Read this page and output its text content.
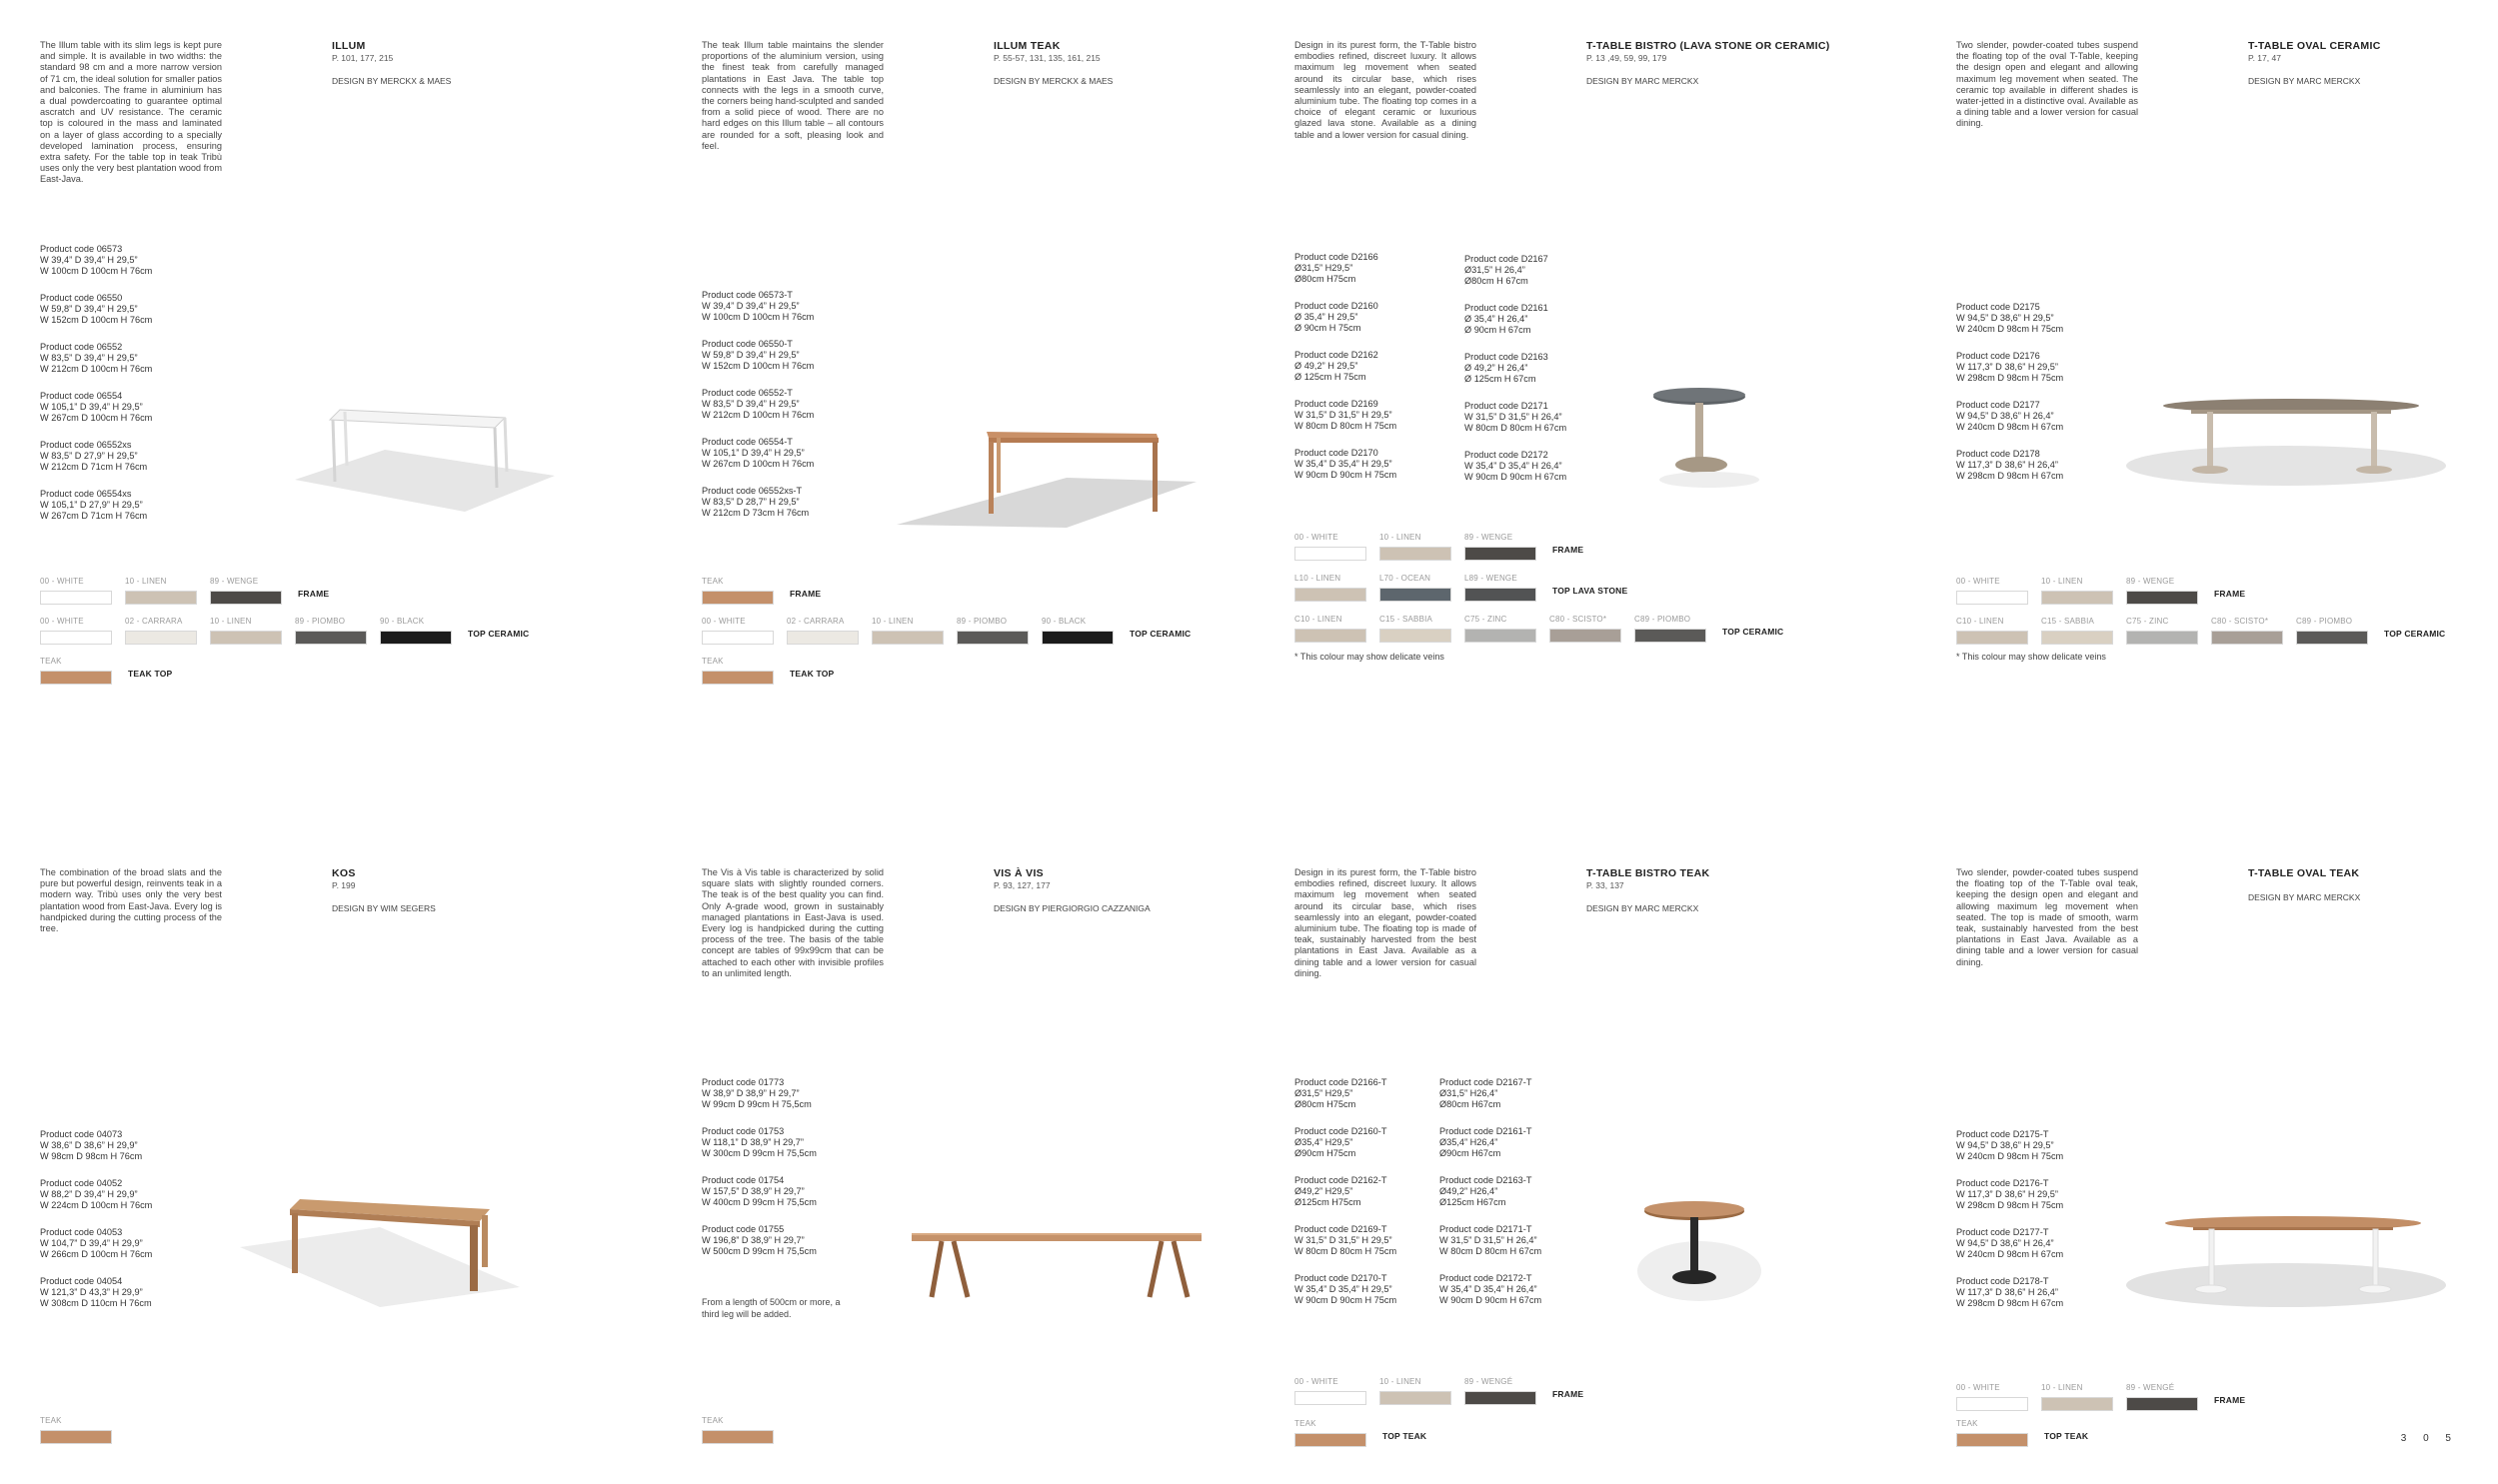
The Illum table with its slim legs is kept pure and simple. It is available in two widths: the standard 98 cm and a more narrow version of 71 cm, the ideal solution for smaller patios and balconies. The frame in aluminium has a dual powdercoating to guarantee optimal ascratch and UV resistance. The ceramic top is coloured in the mass and laminated on a layer of glass according to a specially developed lamination process, ensuring extra safety. For the table top in teak Tribù uses only the very best plantation wood from East-Java.

ILLUM
P. 101, 177, 215
DESIGN BY MERCKX & MAES
Product code 06573
W 39,4” D 39,4” H 29,5”
W 100cm D 100cm H 76cm
Product code 06550
W 59,8” D 39,4” H 29,5”
W 152cm D 100cm H 76cm
Product code 06552
W 83,5” D 39,4” H 29,5”
W 212cm D 100cm H 76cm
Product code 06554
W 105,1” D 39,4” H 29,5”
W 267cm D 100cm H 76cm
Product code 06552xs
W 83,5” D 27,9” H 29,5”
W 212cm D 71cm H 76cm
Product code 06554xs
W 105,1” D 27,9” H 29,5”
W 267cm D 71cm H 76cm
00 - WHITE	10 - LINEN	89 - WENGE
FRAME
00 - WHITE	02 - CARRARA	10 - LINEN	89 - PIOMBO	90 - BLACK
TOP CERAMIC
TEAK
TEAK TOP

The teak Illum table maintains the slender proportions of the aluminium version, using the finest teak from carefully managed plantations in East Java. The table top connects with the legs in a smooth curve, the corners being hand-sculpted and sanded from a solid piece of wood. There are no hard edges on this Illum table – all contours are rounded for a soft, pleasing look and feel.

ILLUM TEAK
P. 55-57, 131, 135, 161, 215
DESIGN BY MERCKX & MAES
Product code 06573-T
W 39,4” D 39,4” H 29,5”
W 100cm D 100cm H 76cm
Product code 06550-T
W 59,8” D 39,4” H 29,5”
W 152cm D 100cm H 76cm
Product code 06552-T
W 83,5” D 39,4” H 29,5”
W 212cm D 100cm H 76cm
Product code 06554-T
W 105,1” D 39,4” H 29,5”
W 267cm D 100cm H 76cm
Product code 06552xs-T
W 83,5” D 28,7” H 29,5”
W 212cm D 73cm H 76cm
TEAK
FRAME
00 - WHITE	02 - CARRARA	10 - LINEN	89 - PIOMBO	90 - BLACK
TOP CERAMIC
TEAK
TEAK TOP

Design in its purest form, the T-Table bistro embodies refined, discreet luxury. It allows maximum leg movement when seated around its circular base, which rises seamlessly into an elegant, powder-coated aluminium tube. The floating top comes in a choice of elegant ceramic or luxurious glazed lava stone. Available as a dining table and a lower version for casual dining.

T-TABLE BISTRO (LAVA STONE OR CERAMIC)
P. 13 ,49, 59, 99, 179
DESIGN BY MARC MERCKX
Product code D2166
Ø31,5” H29,5”
Ø80cm H75cm
Product code D2160
Ø 35,4” H 29,5”
Ø 90cm H 75cm
Product code D2162
Ø 49,2” H 29,5”
Ø 125cm H 75cm
Product code D2169
W 31,5” D 31,5” H 29,5”
W 80cm D 80cm H 75cm
Product code D2170
W 35,4” D 35,4” H 29,5”
W 90cm D 90cm H 75cm
Product code D2167
Ø31,5” H 26,4”
Ø80cm H 67cm
Product code D2161
Ø 35,4” H 26,4”
Ø 90cm H 67cm
Product code D2163
Ø 49,2” H 26,4”
Ø 125cm H 67cm
Product code D2171
W 31,5” D 31,5” H 26,4”
W 80cm D 80cm H 67cm
Product code D2172
W 35,4” D 35,4” H 26,4”
W 90cm D 90cm H 67cm
00 - WHITE	10 - LINEN	89 - WENGE
FRAME
L10 - LINEN	L70 - OCEAN	L89 - WENGE
TOP LAVA STONE
C10 - LINEN	C15 - SABBIA	C75 - ZINC	C80 - SCISTO*	C89 - PIOMBO
TOP CERAMIC
* This colour may show delicate veins

Two slender, powder-coated tubes suspend the floating top of the oval T-Table, keeping the design open and elegant and allowing maximum leg movement when seated. The ceramic top available in different shades is water-jetted in a distinctive oval. Available as a dining table and a lower version for casual dining.

T-TABLE OVAL CERAMIC
P. 17, 47
DESIGN BY MARC MERCKX
Product code D2175
W 94,5” D 38,6” H 29,5”
W 240cm D 98cm H 75cm
Product code D2176
W 117,3” D 38,6” H 29,5”
W 298cm D 98cm H 75cm
Product code D2177
W 94,5” D 38,6” H 26,4”
W 240cm D 98cm H 67cm
Product code D2178
W 117,3” D 38,6” H 26,4”
W 298cm D 98cm H 67cm
00 - WHITE	10 - LINEN	89 - WENGE
FRAME
C10 - LINEN	C15 - SABBIA	C75 - ZINC	C80 - SCISTO*	C89 - PIOMBO
TOP CERAMIC
* This colour may show delicate veins

The combination of the broad slats and the pure but powerful design, reinvents teak in a modern way. Tribù uses only the very best plantation wood from East-Java. Every log is handpicked during the cutting process of the tree.

KOS
P. 199
DESIGN BY WIM SEGERS
Product code 04073
W 38,6” D 38,6” H 29,9”
W 98cm D 98cm H 76cm
Product code 04052
W 88,2” D 39,4” H 29,9”
W 224cm D 100cm H 76cm
Product code 04053
W 104,7” D 39,4” H 29,9”
W 266cm D 100cm H 76cm
Product code 04054
W 121,3” D 43,3” H 29,9”
W 308cm D 110cm H 76cm
TEAK

The Vis à Vis table is characterized by solid square slats with slightly rounded corners. The teak is of the best quality you can find. Only A-grade wood, grown in sustainably managed plantations in East-Java is used. Every log is handpicked during the cutting process of the tree. The basis of the table concept are tables of 99x99cm that can be attached to each other with invisible profiles to an unlimited length.

VIS À VIS
P. 93, 127, 177
DESIGN BY PIERGIORGIO CAZZANIGA
Product code 01773
W 38,9” D 38,9” H 29,7”
W 99cm D 99cm H 75,5cm
Product code 01753
W 118,1” D 38,9” H 29,7”
W 300cm D 99cm H 75,5cm
Product code 01754
W 157,5” D 38,9” H 29,7”
W 400cm D 99cm H 75,5cm
Product code 01755
W 196,8” D 38,9” H 29,7”
W 500cm D 99cm H 75,5cm
From a length of 500cm or more, a
third leg will be added.
TEAK

Design in its purest form, the T-Table bistro embodies refined, discreet luxury. It allows maximum leg movement when seated around its circular base, which rises seamlessly into an elegant, powder-coated aluminium tube. The floating top is made of teak, sustainably harvested from the best plantations in East Java. Available as a dining table and a lower version for casual dining.

T-TABLE BISTRO TEAK
P. 33, 137
DESIGN BY MARC MERCKX
Product code D2166-T
Ø31,5” H29,5”
Ø80cm H75cm
Product code D2160-T
Ø35,4” H29,5”
Ø90cm H75cm
Product code D2162-T
Ø49,2” H29,5”
Ø125cm H75cm
Product code D2169-T
W 31,5” D 31,5” H 29,5”
W 80cm D 80cm H 75cm
Product code D2170-T
W 35,4” D 35,4” H 29,5”
W 90cm D 90cm H 75cm
Product code D2167-T
Ø31,5” H26,4”
Ø80cm H67cm
Product code D2161-T
Ø35,4” H26,4”
Ø90cm H67cm
Product code D2163-T
Ø49,2” H26,4”
Ø125cm H67cm
Product code D2171-T
W 31,5” D 31,5” H 26,4”
W 80cm D 80cm H 67cm
Product code D2172-T
W 35,4” D 35,4” H 26,4”
W 90cm D 90cm H 67cm
00 - WHITE	10 - LINEN	89 - WENGÉ
FRAME
TEAK
TOP TEAK

Two slender, powder-coated tubes suspend the floating top of the T-Table oval teak, keeping the design open and elegant and allowing maximum leg movement when seated. The top is made of smooth, warm teak, sustainably harvested from the best plantations in East Java. Available as a dining table and a lower version for casual dining.

T-TABLE OVAL TEAK
DESIGN BY MARC MERCKX
Product code D2175-T
W 94,5” D 38,6” H 29,5”
W 240cm D 98cm H 75cm
Product code D2176-T
W 117,3” D 38,6” H 29,5”
W 298cm D 98cm H 75cm
Product code D2177-T
W 94,5” D 38,6” H 26,4”
W 240cm D 98cm H 67cm
Product code D2178-T
W 117,3” D 38,6” H 26,4”
W 298cm D 98cm H 67cm
00 - WHITE	10 - LINEN	89 - WENGÉ
FRAME
TEAK
TOP TEAK	3 0 5
